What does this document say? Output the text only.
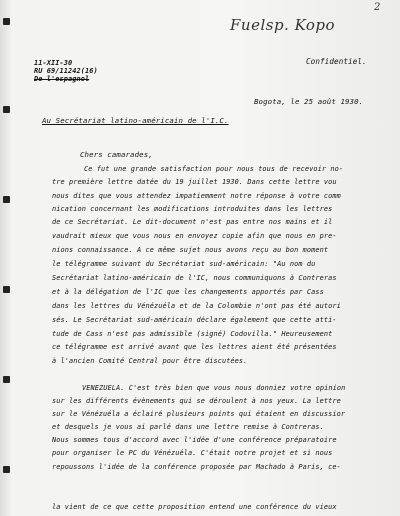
Fuelsp. Kopo
2
11-XII-30
RU 69/11242(16)
De l'espagnol
Confidentiel.
Bogota, le 25 août 1930.
Au Secrétariat latino-américain de l'I.C.
Chers camarades,
Ce fut une grande satisfaction pour nous tous de recevoir no-
tre première lettre datée du 19 juillet 1930. Dans cette lettre vou
nous dites que vous attendez impatiemment notre réponse à votre comm
nication concernant les modifications introduites dans les lettres
de ce Secrétariat. Le dit-document n'est pas entre nos mains et il
vaudrait mieux que vous nous en envoyez copie afin que nous en pre-
nions connaissance. A ce même sujet nous avons reçu au bon moment
le télégramme suivant du Secrétariat sud-américain: "Au nom du
Secrétariat latino-américain de l'IC, nous communiquons à Contreras
et à la délégation de l'IC que les changements apportés par Cass
dans les lettres du Vénézuéla et de la Colombie n'ont pas été autori
sés. Le Secrétariat sud-américain déclare également que cette atti-
tude de Cass n'est pas admissible (signé) Codovilla." Heureusement
ce télégramme est arrivé avant que les lettres aient été présentées
à l'ancien Comité Central pour être discutées.
VENEZUELA. C'est très bien que vous nous donniez votre opinion
sur les différents évènements qui se déroulent à nos yeux. La lettre
sur le Vénézuéla a éclairé plusieurs points qui étaient en discussior
et desquels je vous ai parlé dans une lettre remise à Contreras.
Nous sommes tous d'accord avec l'idée d'une conférence préparatoire
pour organiser le PC du Vénézuéla. C'était notre projet et si nous
repoussons l'idée de la conférence proposée par Machado à Paris, ce-
la vient de ce que cette proposition entend une conférence du vieux
